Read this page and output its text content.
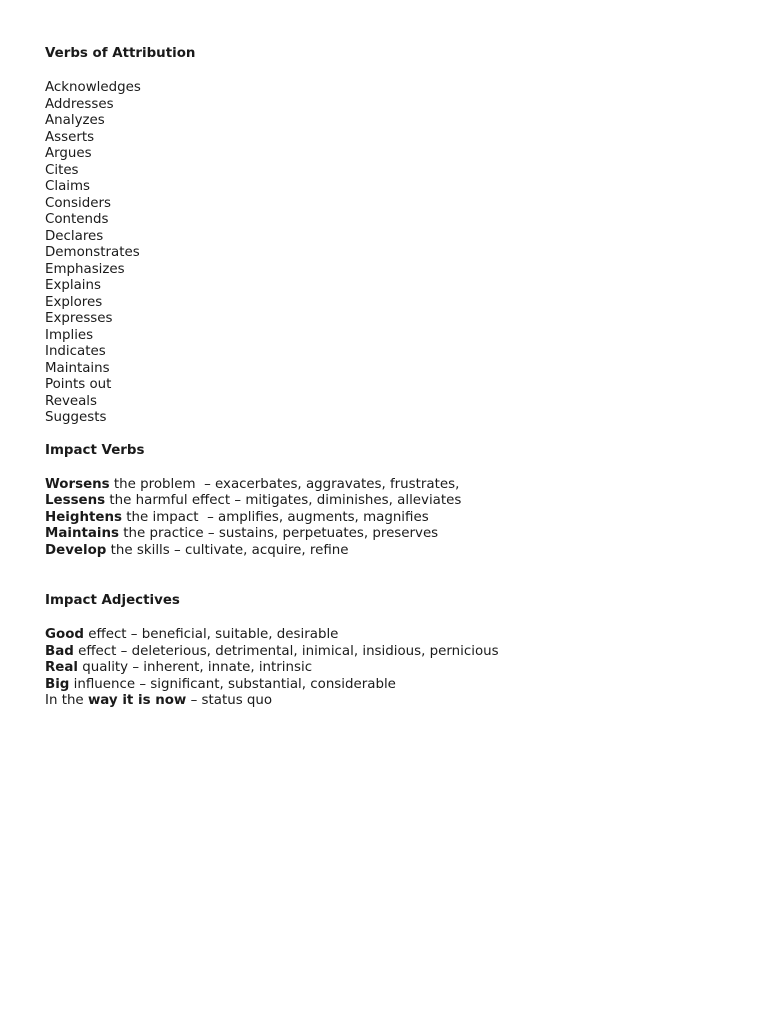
Verbs of Attribution
Acknowledges
Addresses
Analyzes
Asserts
Argues
Cites
Claims
Considers
Contends
Declares
Demonstrates
Emphasizes
Explains
Explores
Expresses
Implies
Indicates
Maintains
Points out
Reveals
Suggests
Impact Verbs
Worsens the problem  – exacerbates, aggravates, frustrates,
Lessens the harmful effect – mitigates, diminishes, alleviates
Heightens the impact  – amplifies, augments, magnifies
Maintains the practice – sustains, perpetuates, preserves
Develop the skills – cultivate, acquire, refine
Impact Adjectives
Good effect – beneficial, suitable, desirable
Bad effect – deleterious, detrimental, inimical, insidious, pernicious
Real quality – inherent, innate, intrinsic
Big influence – significant, substantial, considerable
In the way it is now – status quo
